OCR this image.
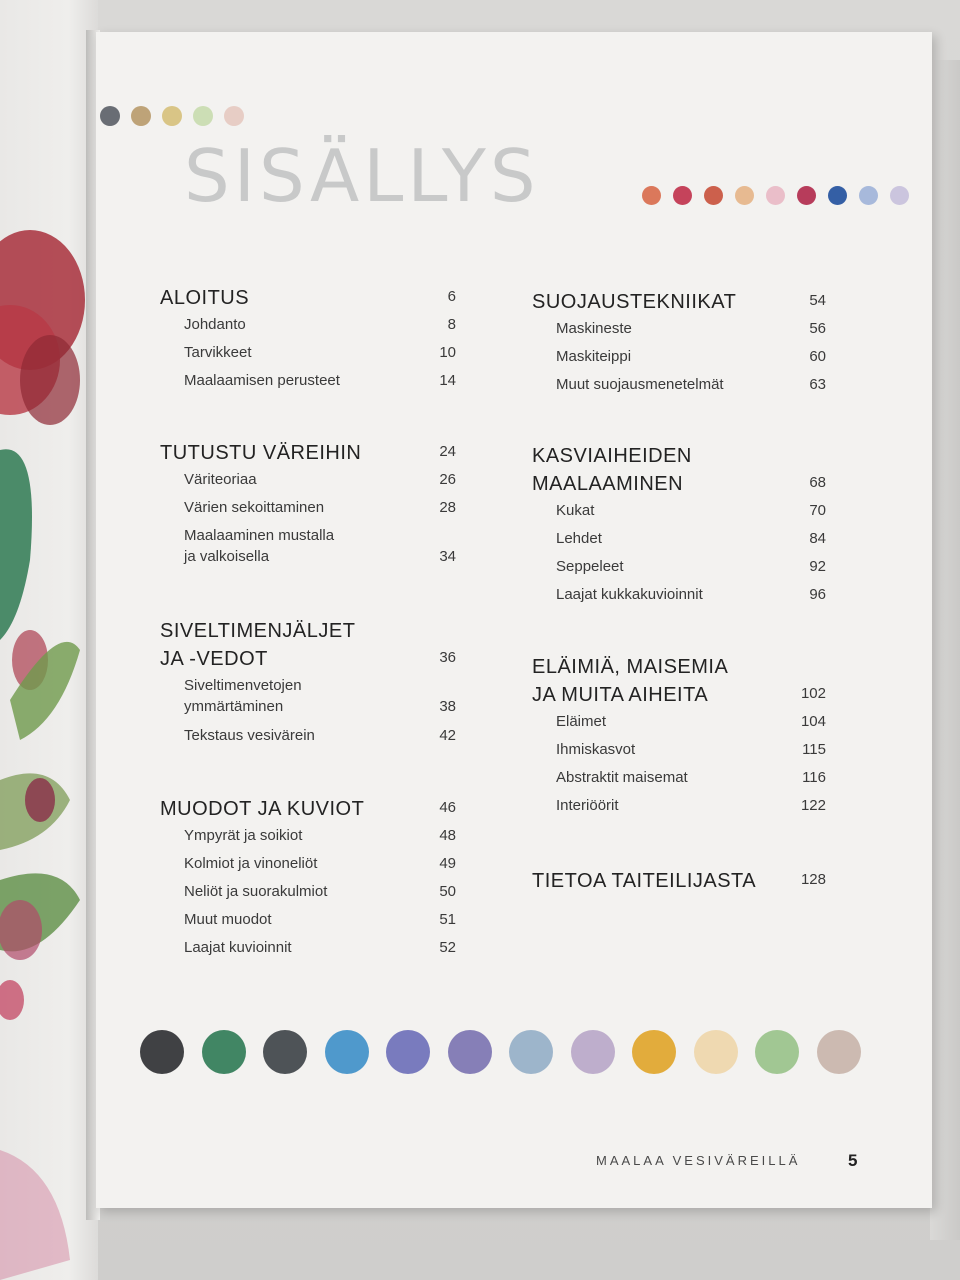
SISÄLLYS
ALOITUS	6
Johdanto	8
Tarvikkeet	10
Maalaamisen perusteet	14
TUTUSTU VÄREIHIN	24
Väriteoriaa	26
Värien sekoittaminen	28
Maalaaminen mustalla
ja valkoisella	34
SIVELTIMENJÄLJET
JA -VEDOT	36
Siveltimenvetojen
ymmärtäminen	38
Tekstaus vesivärein	42
MUODOT JA KUVIOT	46
Ympyrät ja soikiot	48
Kolmiot ja vinoneliöt	49
Neliöt ja suorakulmiot	50
Muut muodot	51
Laajat kuvioinnit	52
SUOJAUSTEKNIIKAT	54
Maskineste	56
Maskiteippi	60
Muut suojausmenetelmät	63
KASVIAIHEIDEN
MAALAAMINEN	68
Kukat	70
Lehdet	84
Seppeleet	92
Laajat kukkakuvioinnit	96
ELÄIMIÄ, MAISEMIA
JA MUITA AIHEITA	102
Eläimet	104
Ihmiskasvot	115
Abstraktit maisemat	116
Interiöörit	122
TIETOA TAITEILIJASTA	128
MAALAA VESIVÄREILLÄ	5
